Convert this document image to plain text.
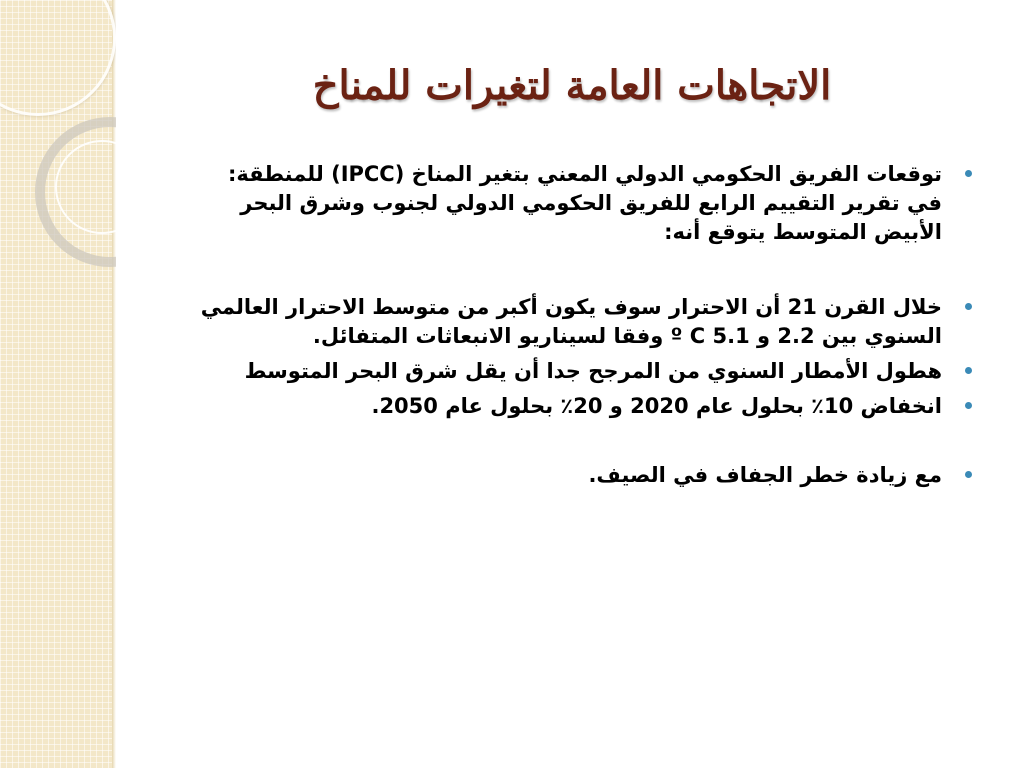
الاتجاهات العامة لتغيرات للمناخ
توقعات الفريق الحكومي الدولي المعني بتغير المناخ (IPCC) للمنطقة: في تقرير التقييم الرابع للفريق الحكومي الدولي لجنوب وشرق البحر الأبيض المتوسط يتوقع أنه:
خلال القرن 21 أن الاحترار سوف يكون أكبر من متوسط الاحترار العالمي السنوي بين 2.2 و 5.1 º C وفقا لسيناريو الانبعاثات المتفائل.
هطول الأمطار السنوي من المرجح جدا أن يقل شرق البحر المتوسط
انخفاض 10٪ بحلول عام 2020 و 20٪ بحلول عام 2050.
مع زيادة خطر الجفاف في الصيف.
